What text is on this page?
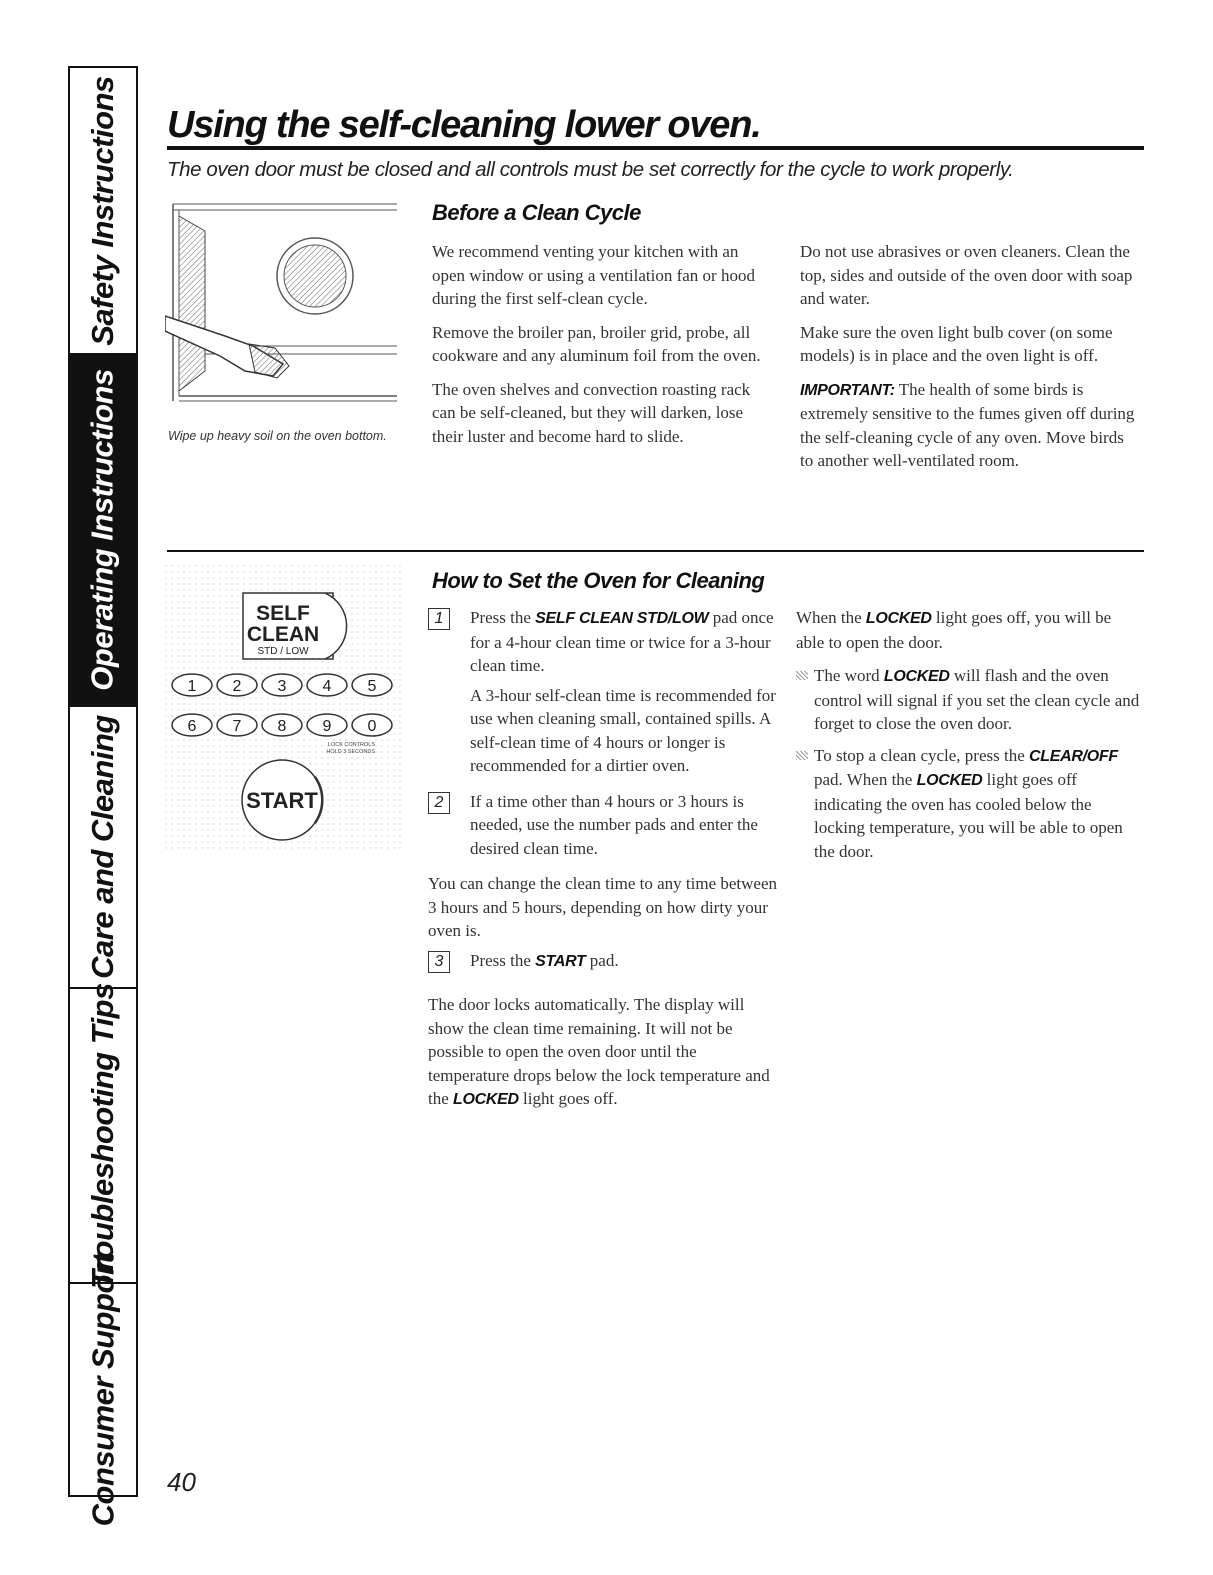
Safety Instructions
Operating Instructions
Care and Cleaning
Troubleshooting Tips
Consumer Support
Using the self-cleaning lower oven.
The oven door must be closed and all controls must be set correctly for the cycle to work properly.
Before a Clean Cycle
Wipe up heavy soil on the oven bottom.

We recommend venting your kitchen with an open window or using a ventilation fan or hood during the first self-clean cycle.

Remove the broiler pan, broiler grid, probe, all cookware and any aluminum foil from the oven.

The oven shelves and convection roasting rack can be self-cleaned, but they will darken, lose their luster and become hard to slide.

Do not use abrasives or oven cleaners. Clean the top, sides and outside of the oven door with soap and water.

Make sure the oven light bulb cover (on some models) is in place and the oven light is off.

IMPORTANT: The health of some birds is extremely sensitive to the fumes given off during the self-cleaning cycle of any oven. Move birds to another well-ventilated room.

SELF
CLEAN
STD / LOW
1 2 3 4 5
6 7 8 9 0
LOCK CONTROLS
HOLD 3 SECONDS
START
How to Set the Oven for Cleaning
1	Press the SELF CLEAN STD/LOW pad once for a 4-hour clean time or twice for a 3-hour clean time.

A 3-hour self-clean time is recommended for use when cleaning small, contained spills. A self-clean time of 4 hours or longer is recommended for a dirtier oven.

2	If a time other than 4 hours or 3 hours is needed, use the number pads and enter the desired clean time.

You can change the clean time to any time between 3 hours and 5 hours, depending on how dirty your oven is.

3	Press the START pad.

The door locks automatically. The display will show the clean time remaining. It will not be possible to open the oven door until the temperature drops below the lock temperature and the LOCKED light goes off.

When the LOCKED light goes off, you will be able to open the door.

The word LOCKED will flash and the oven control will signal if you set the clean cycle and forget to close the oven door.
To stop a clean cycle, press the CLEAR/OFF pad. When the LOCKED light goes off indicating the oven has cooled below the locking temperature, you will be able to open the door.
40
